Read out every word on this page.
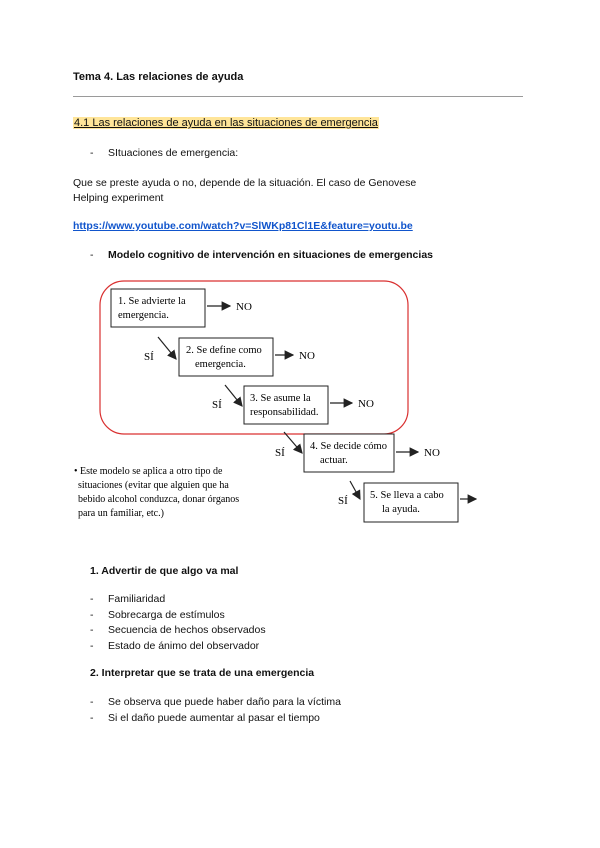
Tema 4. Las relaciones de ayuda
4.1 Las relaciones de ayuda en las situaciones de emergencia
- SItuaciones de emergencia:
Que se preste ayuda o no, depende de la situación. El caso de Genovese
Helping experiment
https://www.youtube.com/watch?v=SlWKp81Cl1E&feature=youtu.be
- Modelo cognitivo de intervención en situaciones de emergencias
1. Se advierte la
emergencia.
NO
SÍ
2. Se define como
emergencia.
NO
SÍ
3. Se asume la
responsabilidad.
NO
SÍ
4. Se decide cómo
actuar.
NO
SÍ 5. Se lleva a cabo
la ayuda.
• Este modelo se aplica a otro tipo de
situaciones (evitar que alguien que ha
bebido alcohol conduzca, donar órganos
para un familiar, etc.)
1. Advertir de que algo va mal
- Familiaridad
- Sobrecarga de estímulos
- Secuencia de hechos observados
- Estado de ánimo del observador
2. Interpretar que se trata de una emergencia
- Se observa que puede haber daño para la víctima
- Si el daño puede aumentar al pasar el tiempo
